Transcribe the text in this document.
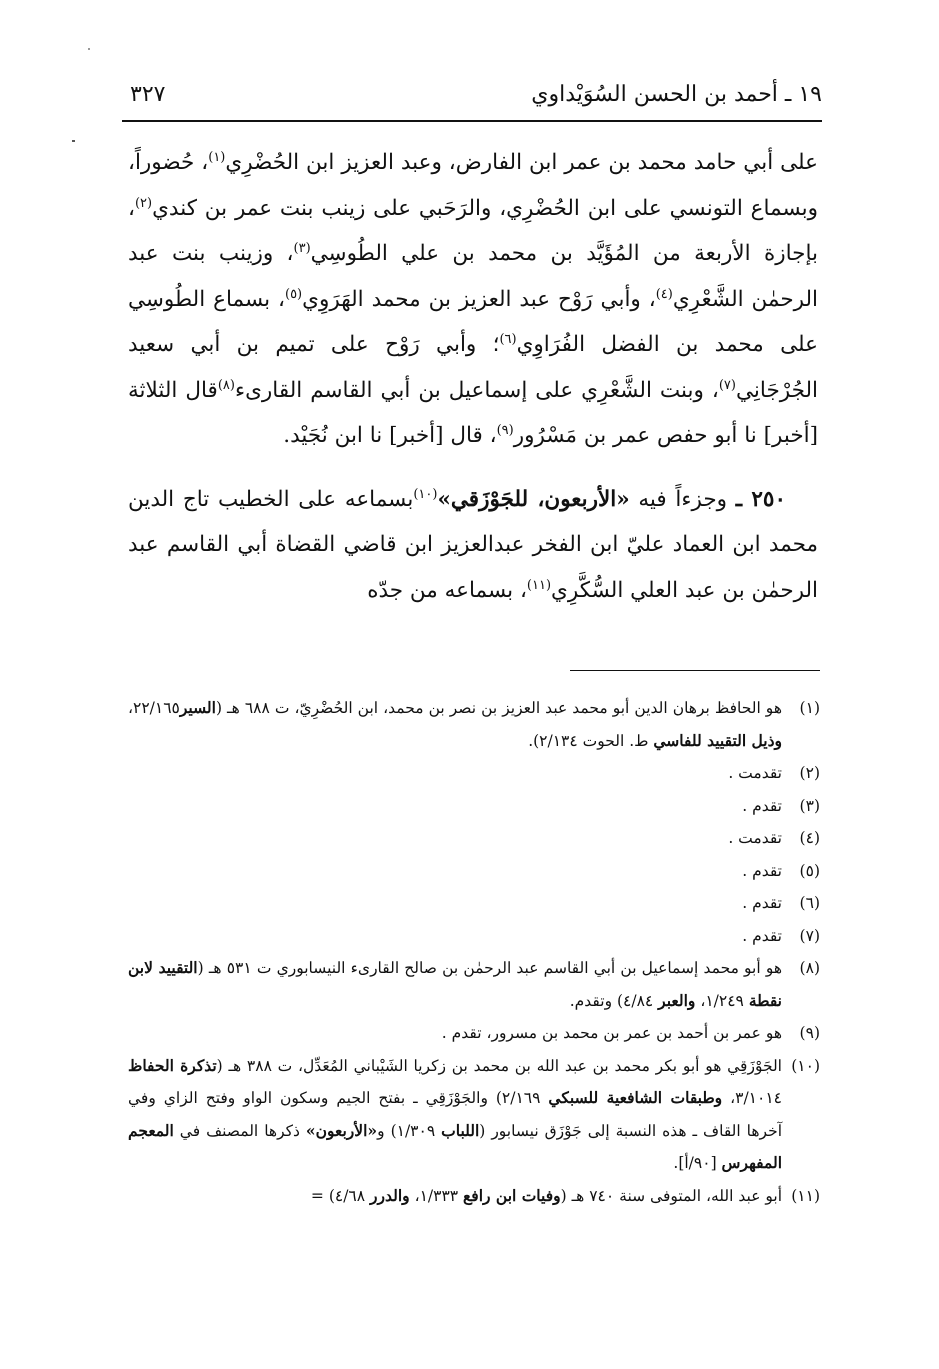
١٩ ـ أحمد بن الحسن السُوَيْداوي
٣٢٧

على أبي حامد محمد بن عمر ابن الفارض، وعبد العزيز ابن الحُضْرِي$^{(١)}$، حُضوراً، وبسماع التونسي على ابن الحُضْرِي، والرَحَبي على زينب بنت عمر بن كندي$^{(٢)}$، بإجازة الأربعة من المُؤَيَّد بن محمد بن علي الطُوسِي$^{(٣)}$، وزينب بنت عبد الرحمٰن الشَّعْرِي$^{(٤)}$، وأبي رَوْح عبد العزيز بن محمد الهَرَوِي$^{(٥)}$، بسماع الطُوسِي على محمد بن الفضل الفُرَاوِي$^{(٦)}$؛ وأبي رَوْح على تميم بن أبي سعيد الجُرْجَانِي$^{(٧)}$، وبنت الشَّعْرِي على إسماعيل بن أبي القاسم القارىء$^{(٨)}$قال الثلاثة [أخبر] نا أبو حفص عمر بن مَسْرُور$^{(٩)}$، قال [أخبر] نا ابن نُجَيْد.

٢٥٠ ـ وجزءاً فيه «الأربعون، للجَوْزَقي»$^{(١٠)}$بسماعه على الخطيب تاج الدين محمد ابن العماد عليّ ابن الفخر عبدالعزيز ابن قاضي القضاة أبي القاسم عبد الرحمٰن بن عبد العلي السُّكَّرِي$^{(١١)}$، بسماعه من جدّه

(١)
هو الحافظ برهان الدين أبو محمد عبد العزيز بن نصر بن محمد، ابن الحُضْرِيّ، ت ٦٨٨ هـ (السير٢٢/١٦٥، وذيل التقييد للفاسي ط. الحوت ٢/١٣٤).
(٢)
تقدمت .
(٣)
تقدم .
(٤)
تقدمت .
(٥)
تقدم .
(٦)
تقدم .
(٧)
تقدم .
(٨)
هو أبو محمد إسماعيل بن أبي القاسم عبد الرحمٰن بن صالح القارىء النيسابوري ت ٥٣١ هـ (التقييد لابن نقطة ١/٢٤٩، والعبر ٤/٨٤) وتقدم.
(٩)
هو عمر بن أحمد بن عمر بن محمد بن مسرور، تقدم .
(١٠)
الجَوْزَقِي هو أبو بكر محمد بن عبد الله بن محمد بن زكريا الشَيْباني المُعَدِّل، ت ٣٨٨ هـ (تذكرة الحفاظ ٣/١٠١٤، وطبقات الشافعية للسبكي ٢/١٦٩) والجَوْزَقِي ـ بفتح الجيم وسكون الواو وفتح الزاي وفي آخرها القاف ـ هذه النسبة إلى جَوْزَق نيسابور (اللباب ١/٣٠٩) و«الأربعون» ذكرها المصنف في المعجم المفهرس [٩٠/أ].
(١١)
أبو عبد الله، المتوفى سنة ٧٤٠ هـ (وفيات ابن رافع ١/٣٣٣، والدرر ٤/٦٨) =
